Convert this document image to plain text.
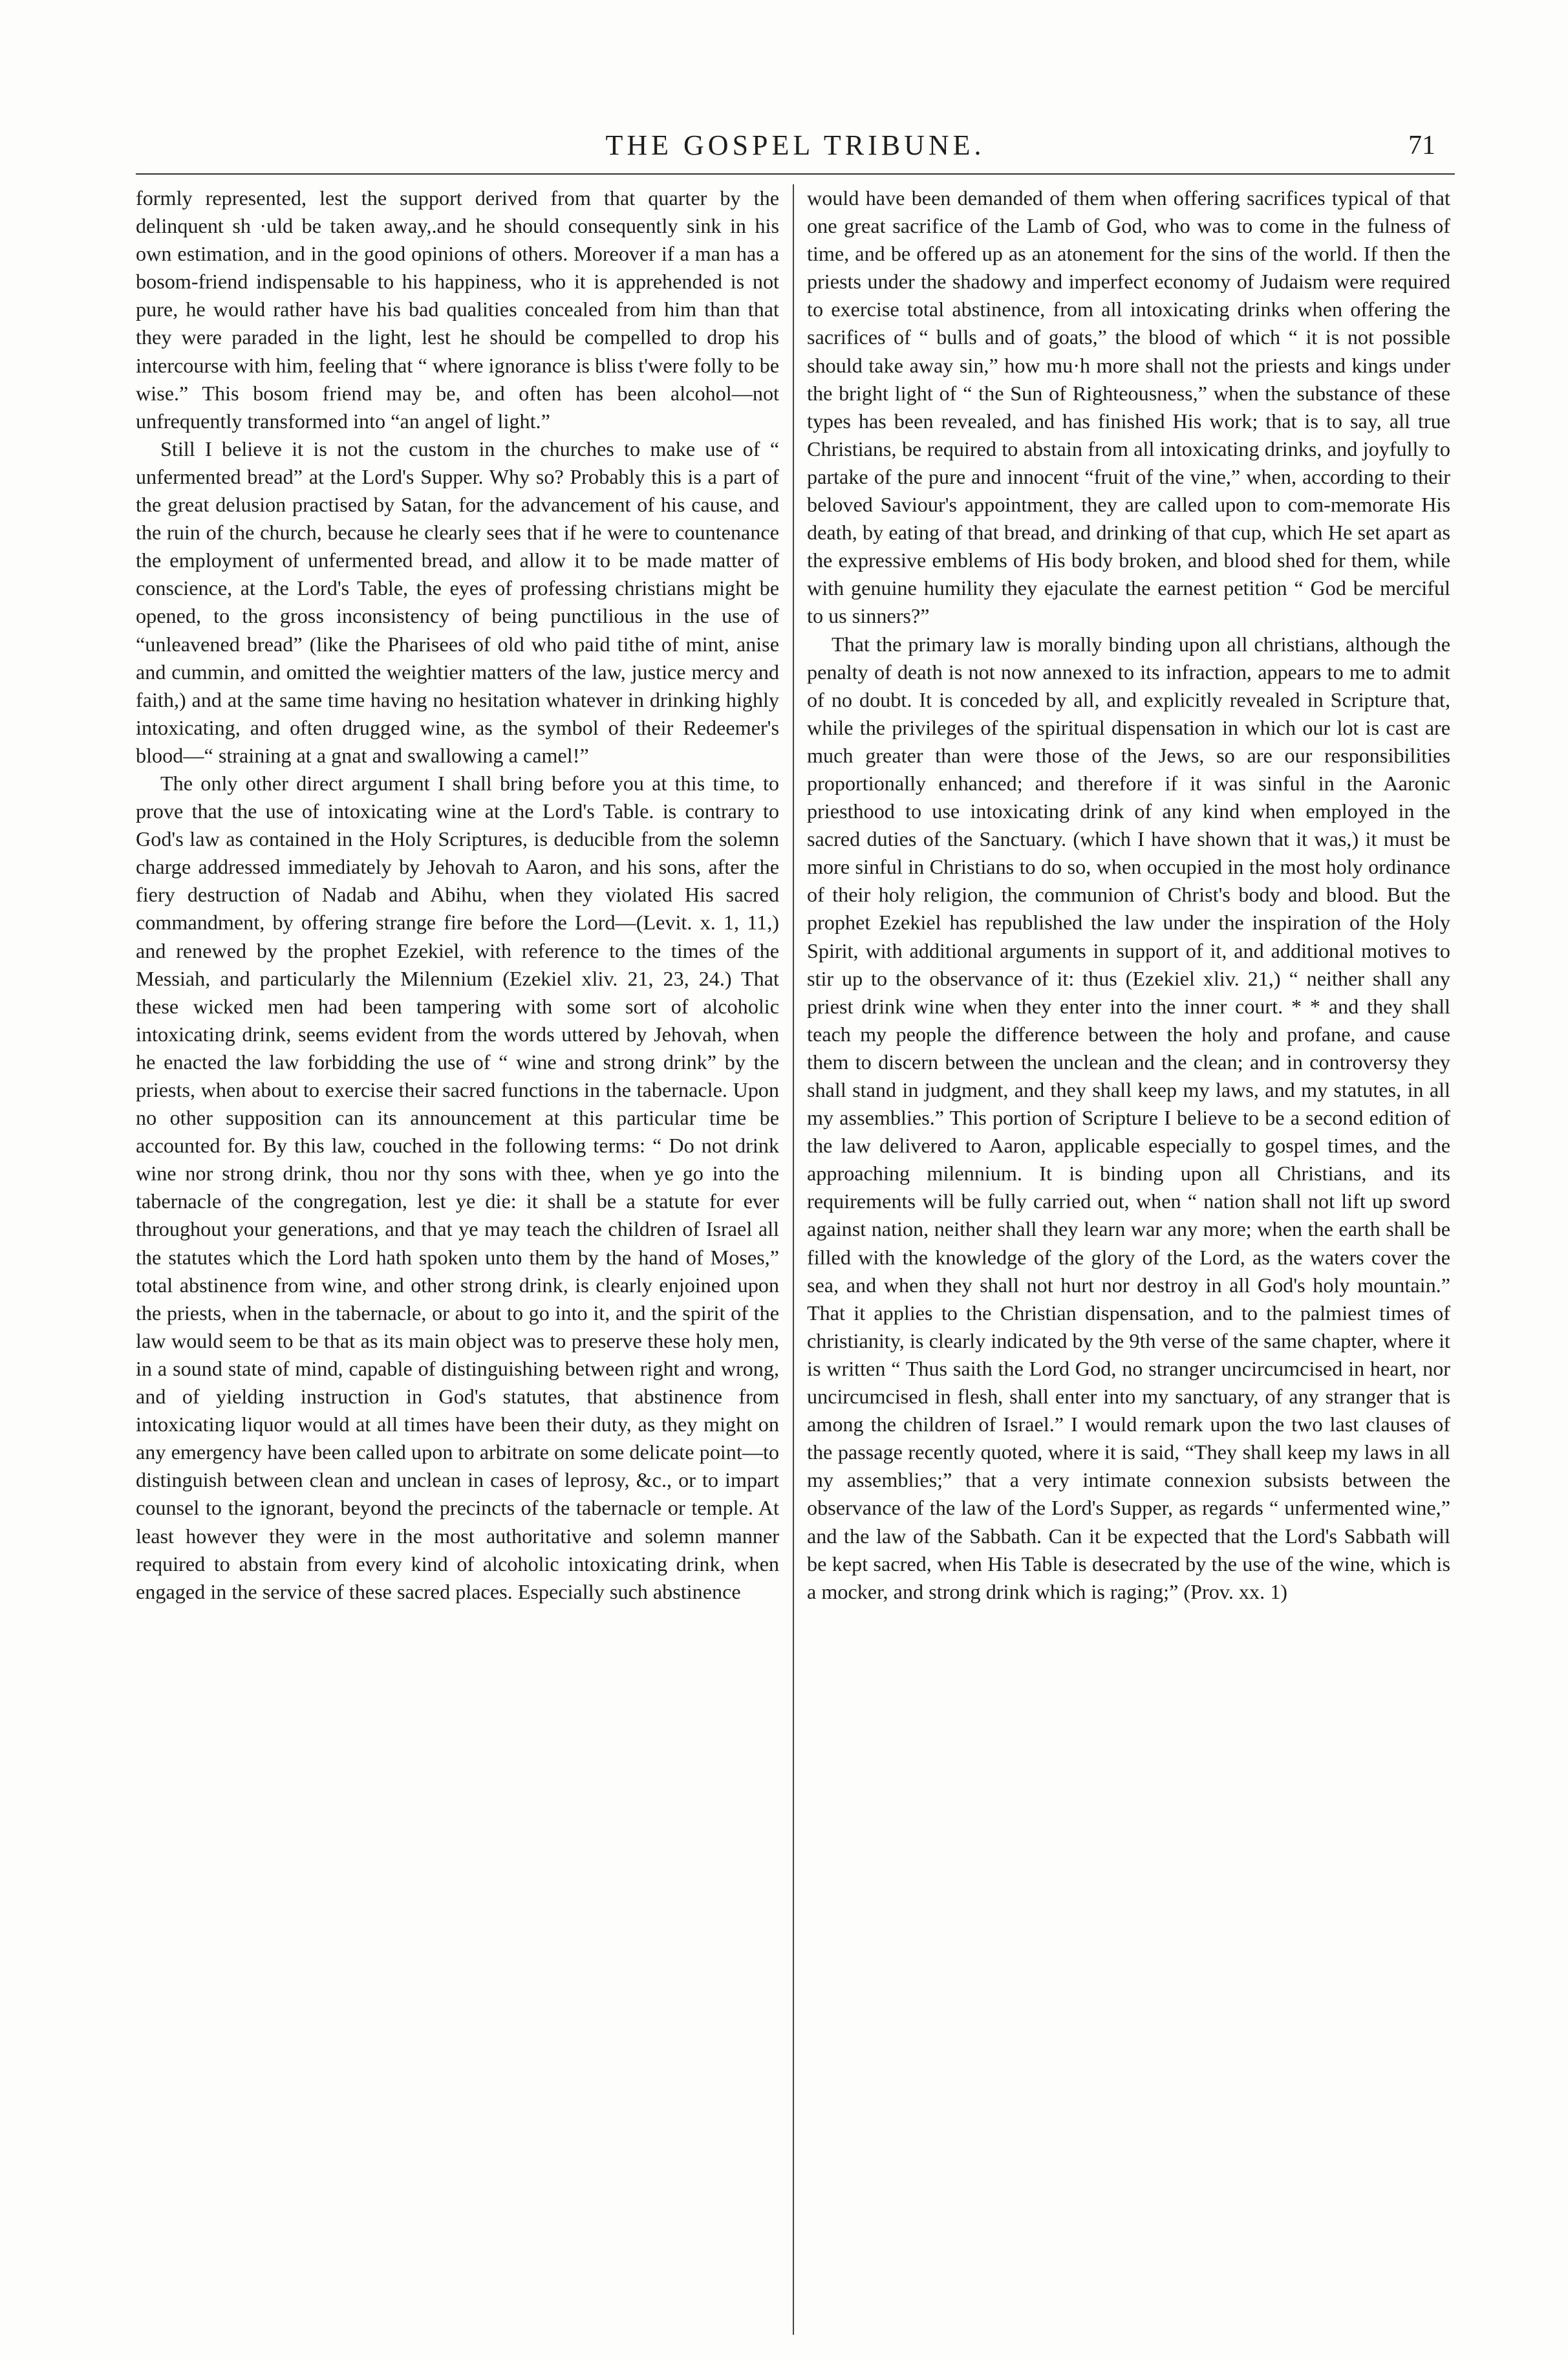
THE GOSPEL TRIBUNE.	71

formly represented, lest the support derived from that quarter by the delinquent sh ·uld be taken away,.and he should consequently sink in his own estimation, and in the good opinions of others. Moreover if a man has a bosom-friend indispensable to his happiness, who it is apprehended is not pure, he would rather have his bad qualities concealed from him than that they were paraded in the light, lest he should be compelled to drop his intercourse with him, feeling that “ where ignorance is bliss t'were folly to be wise.” This bosom friend may be, and often has been alcohol—not unfrequently transformed into “an angel of light.”

Still I believe it is not the custom in the churches to make use of “ unfermented bread” at the Lord's Supper. Why so? Probably this is a part of the great delusion practised by Satan, for the advancement of his cause, and the ruin of the church, because he clearly sees that if he were to countenance the employment of unfermented bread, and allow it to be made matter of conscience, at the Lord's Table, the eyes of professing christians might be opened, to the gross inconsistency of being punctilious in the use of “unleavened bread” (like the Pharisees of old who paid tithe of mint, anise and cummin, and omitted the weightier matters of the law, justice mercy and faith,) and at the same time having no hesitation whatever in drinking highly intoxicating, and often drugged wine, as the symbol of their Redeemer's blood—“ straining at a gnat and swallowing a camel!”

The only other direct argument I shall bring before you at this time, to prove that the use of intoxicating wine at the Lord's Table. is contrary to God's law as contained in the Holy Scriptures, is deducible from the solemn charge addressed immediately by Jehovah to Aaron, and his sons, after the fiery destruction of Nadab and Abihu, when they violated His sacred commandment, by offering strange fire before the Lord—(Levit. x. 1, 11,) and renewed by the prophet Ezekiel, with reference to the times of the Messiah, and particularly the Milennium (Ezekiel xliv. 21, 23, 24.) That these wicked men had been tampering with some sort of alcoholic intoxicating drink, seems evident from the words uttered by Jehovah, when he enacted the law forbidding the use of “ wine and strong drink” by the priests, when about to exercise their sacred functions in the tabernacle. Upon no other supposition can its announcement at this particular time be accounted for. By this law, couched in the following terms: “ Do not drink wine nor strong drink, thou nor thy sons with thee, when ye go into the tabernacle of the congregation, lest ye die: it shall be a statute for ever throughout your generations, and that ye may teach the children of Israel all the statutes which the Lord hath spoken unto them by the hand of Moses,” total abstinence from wine, and other strong drink, is clearly enjoined upon the priests, when in the tabernacle, or about to go into it, and the spirit of the law would seem to be that as its main object was to preserve these holy men, in a sound state of mind, capable of distinguishing between right and wrong, and of yielding instruction in God's statutes, that abstinence from intoxicating liquor would at all times have been their duty, as they might on any emergency have been called upon to arbitrate on some delicate point—to distinguish between clean and unclean in cases of leprosy, &c., or to impart counsel to the ignorant, beyond the precincts of the tabernacle or temple. At least however they were in the most authoritative and solemn manner required to abstain from every kind of alcoholic intoxicating drink, when engaged in the service of these sacred places. Especially such abstinence

would have been demanded of them when offering sacrifices typical of that one great sacrifice of the Lamb of God, who was to come in the fulness of time, and be offered up as an atonement for the sins of the world. If then the priests under the shadowy and imperfect economy of Judaism were required to exercise total abstinence, from all intoxicating drinks when offering the sacrifices of “ bulls and of goats,” the blood of which “ it is not possible should take away sin,” how mu·h more shall not the priests and kings under the bright light of “ the Sun of Righteousness,” when the substance of these types has been revealed, and has finished His work; that is to say, all true Christians, be required to abstain from all intoxicating drinks, and joyfully to partake of the pure and innocent “fruit of the vine,” when, according to their beloved Saviour's appointment, they are called upon to com-memorate His death, by eating of that bread, and drinking of that cup, which He set apart as the expressive emblems of His body broken, and blood shed for them, while with genuine humility they ejaculate the earnest petition “ God be merciful to us sinners?”

That the primary law is morally binding upon all christians, although the penalty of death is not now annexed to its infraction, appears to me to admit of no doubt. It is conceded by all, and explicitly revealed in Scripture that, while the privileges of the spiritual dispensation in which our lot is cast are much greater than were those of the Jews, so are our responsibilities proportionally enhanced; and therefore if it was sinful in the Aaronic priesthood to use intoxicating drink of any kind when employed in the sacred duties of the Sanctuary. (which I have shown that it was,) it must be more sinful in Christians to do so, when occupied in the most holy ordinance of their holy religion, the communion of Christ's body and blood. But the prophet Ezekiel has republished the law under the inspiration of the Holy Spirit, with additional arguments in support of it, and additional motives to stir up to the observance of it: thus (Ezekiel xliv. 21,) “ neither shall any priest drink wine when they enter into the inner court. * * and they shall teach my people the difference between the holy and profane, and cause them to discern between the unclean and the clean; and in controversy they shall stand in judgment, and they shall keep my laws, and my statutes, in all my assemblies.” This portion of Scripture I believe to be a second edition of the law delivered to Aaron, applicable especially to gospel times, and the approaching milennium. It is binding upon all Christians, and its requirements will be fully carried out, when “ nation shall not lift up sword against nation, neither shall they learn war any more; when the earth shall be filled with the knowledge of the glory of the Lord, as the waters cover the sea, and when they shall not hurt nor destroy in all God's holy mountain.” That it applies to the Christian dispensation, and to the palmiest times of christianity, is clearly indicated by the 9th verse of the same chapter, where it is written “ Thus saith the Lord God, no stranger uncircumcised in heart, nor uncircumcised in flesh, shall enter into my sanctuary, of any stranger that is among the children of Israel.” I would remark upon the two last clauses of the passage recently quoted, where it is said, “They shall keep my laws in all my assemblies;” that a very intimate connexion subsists between the observance of the law of the Lord's Supper, as regards “ unfermented wine,” and the law of the Sabbath. Can it be expected that the Lord's Sabbath will be kept sacred, when His Table is desecrated by the use of the wine, which is a mocker, and strong drink which is raging;” (Prov. xx. 1)
